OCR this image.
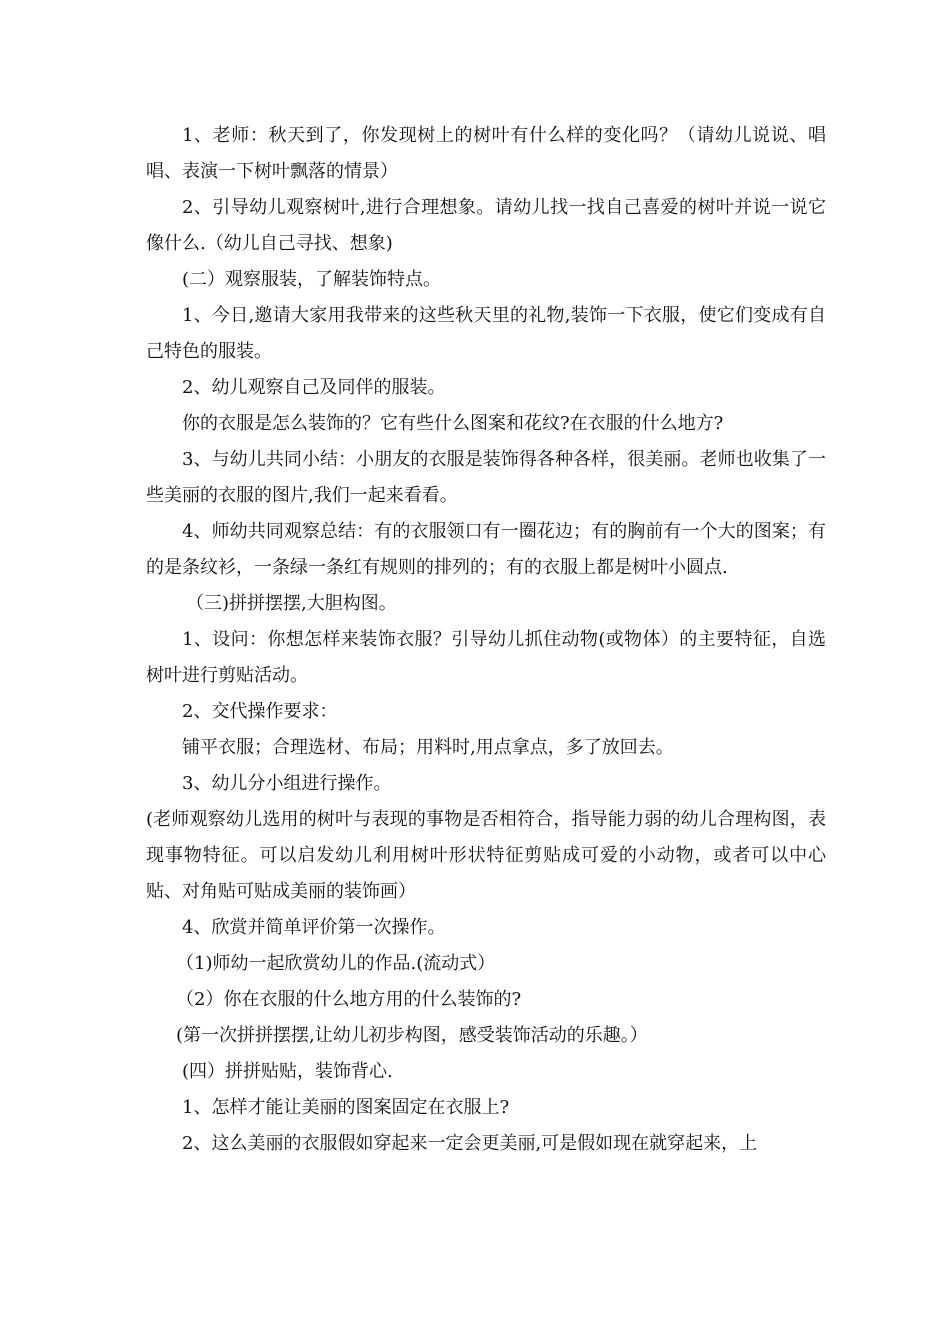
1、老师：秋天到了，你发现树上的树叶有什么样的变化吗？（请幼儿说说、唱唱、表演一下树叶飘落的情景）

2、引导幼儿观察树叶,进行合理想象。请幼儿找一找自己喜爱的树叶并说一说它像什么.（幼儿自己寻找、想象)

(二）观察服装，了解装饰特点。

1、今日,邀请大家用我带来的这些秋天里的礼物,装饰一下衣服，使它们变成有自己特色的服装。

2、幼儿观察自己及同伴的服装。

你的衣服是怎么装饰的？它有些什么图案和花纹?在衣服的什么地方?

3、与幼儿共同小结：小朋友的衣服是装饰得各种各样，很美丽。老师也收集了一些美丽的衣服的图片,我们一起来看看。

4、师幼共同观察总结：有的衣服领口有一圈花边；有的胸前有一个大的图案；有的是条纹衫，一条绿一条红有规则的排列的；有的衣服上都是树叶小圆点.

（三)拼拼摆摆,大胆构图。

1、设问：你想怎样来装饰衣服？引导幼儿抓住动物(或物体）的主要特征，自选树叶进行剪贴活动。

2、交代操作要求：

铺平衣服；合理选材、布局；用料时,用点拿点，多了放回去。

3、幼儿分小组进行操作。

(老师观察幼儿选用的树叶与表现的事物是否相符合，指导能力弱的幼儿合理构图，表现事物特征。可以启发幼儿利用树叶形状特征剪贴成可爱的小动物，或者可以中心贴、对角贴可贴成美丽的装饰画）

4、欣赏并简单评价第一次操作。

（1)师幼一起欣赏幼儿的作品.(流动式）

（2）你在衣服的什么地方用的什么装饰的?

(第一次拼拼摆摆,让幼儿初步构图，感受装饰活动的乐趣。）

(四）拼拼贴贴，装饰背心.

1、怎样才能让美丽的图案固定在衣服上?

2、这么美丽的衣服假如穿起来一定会更美丽,可是假如现在就穿起来，上
